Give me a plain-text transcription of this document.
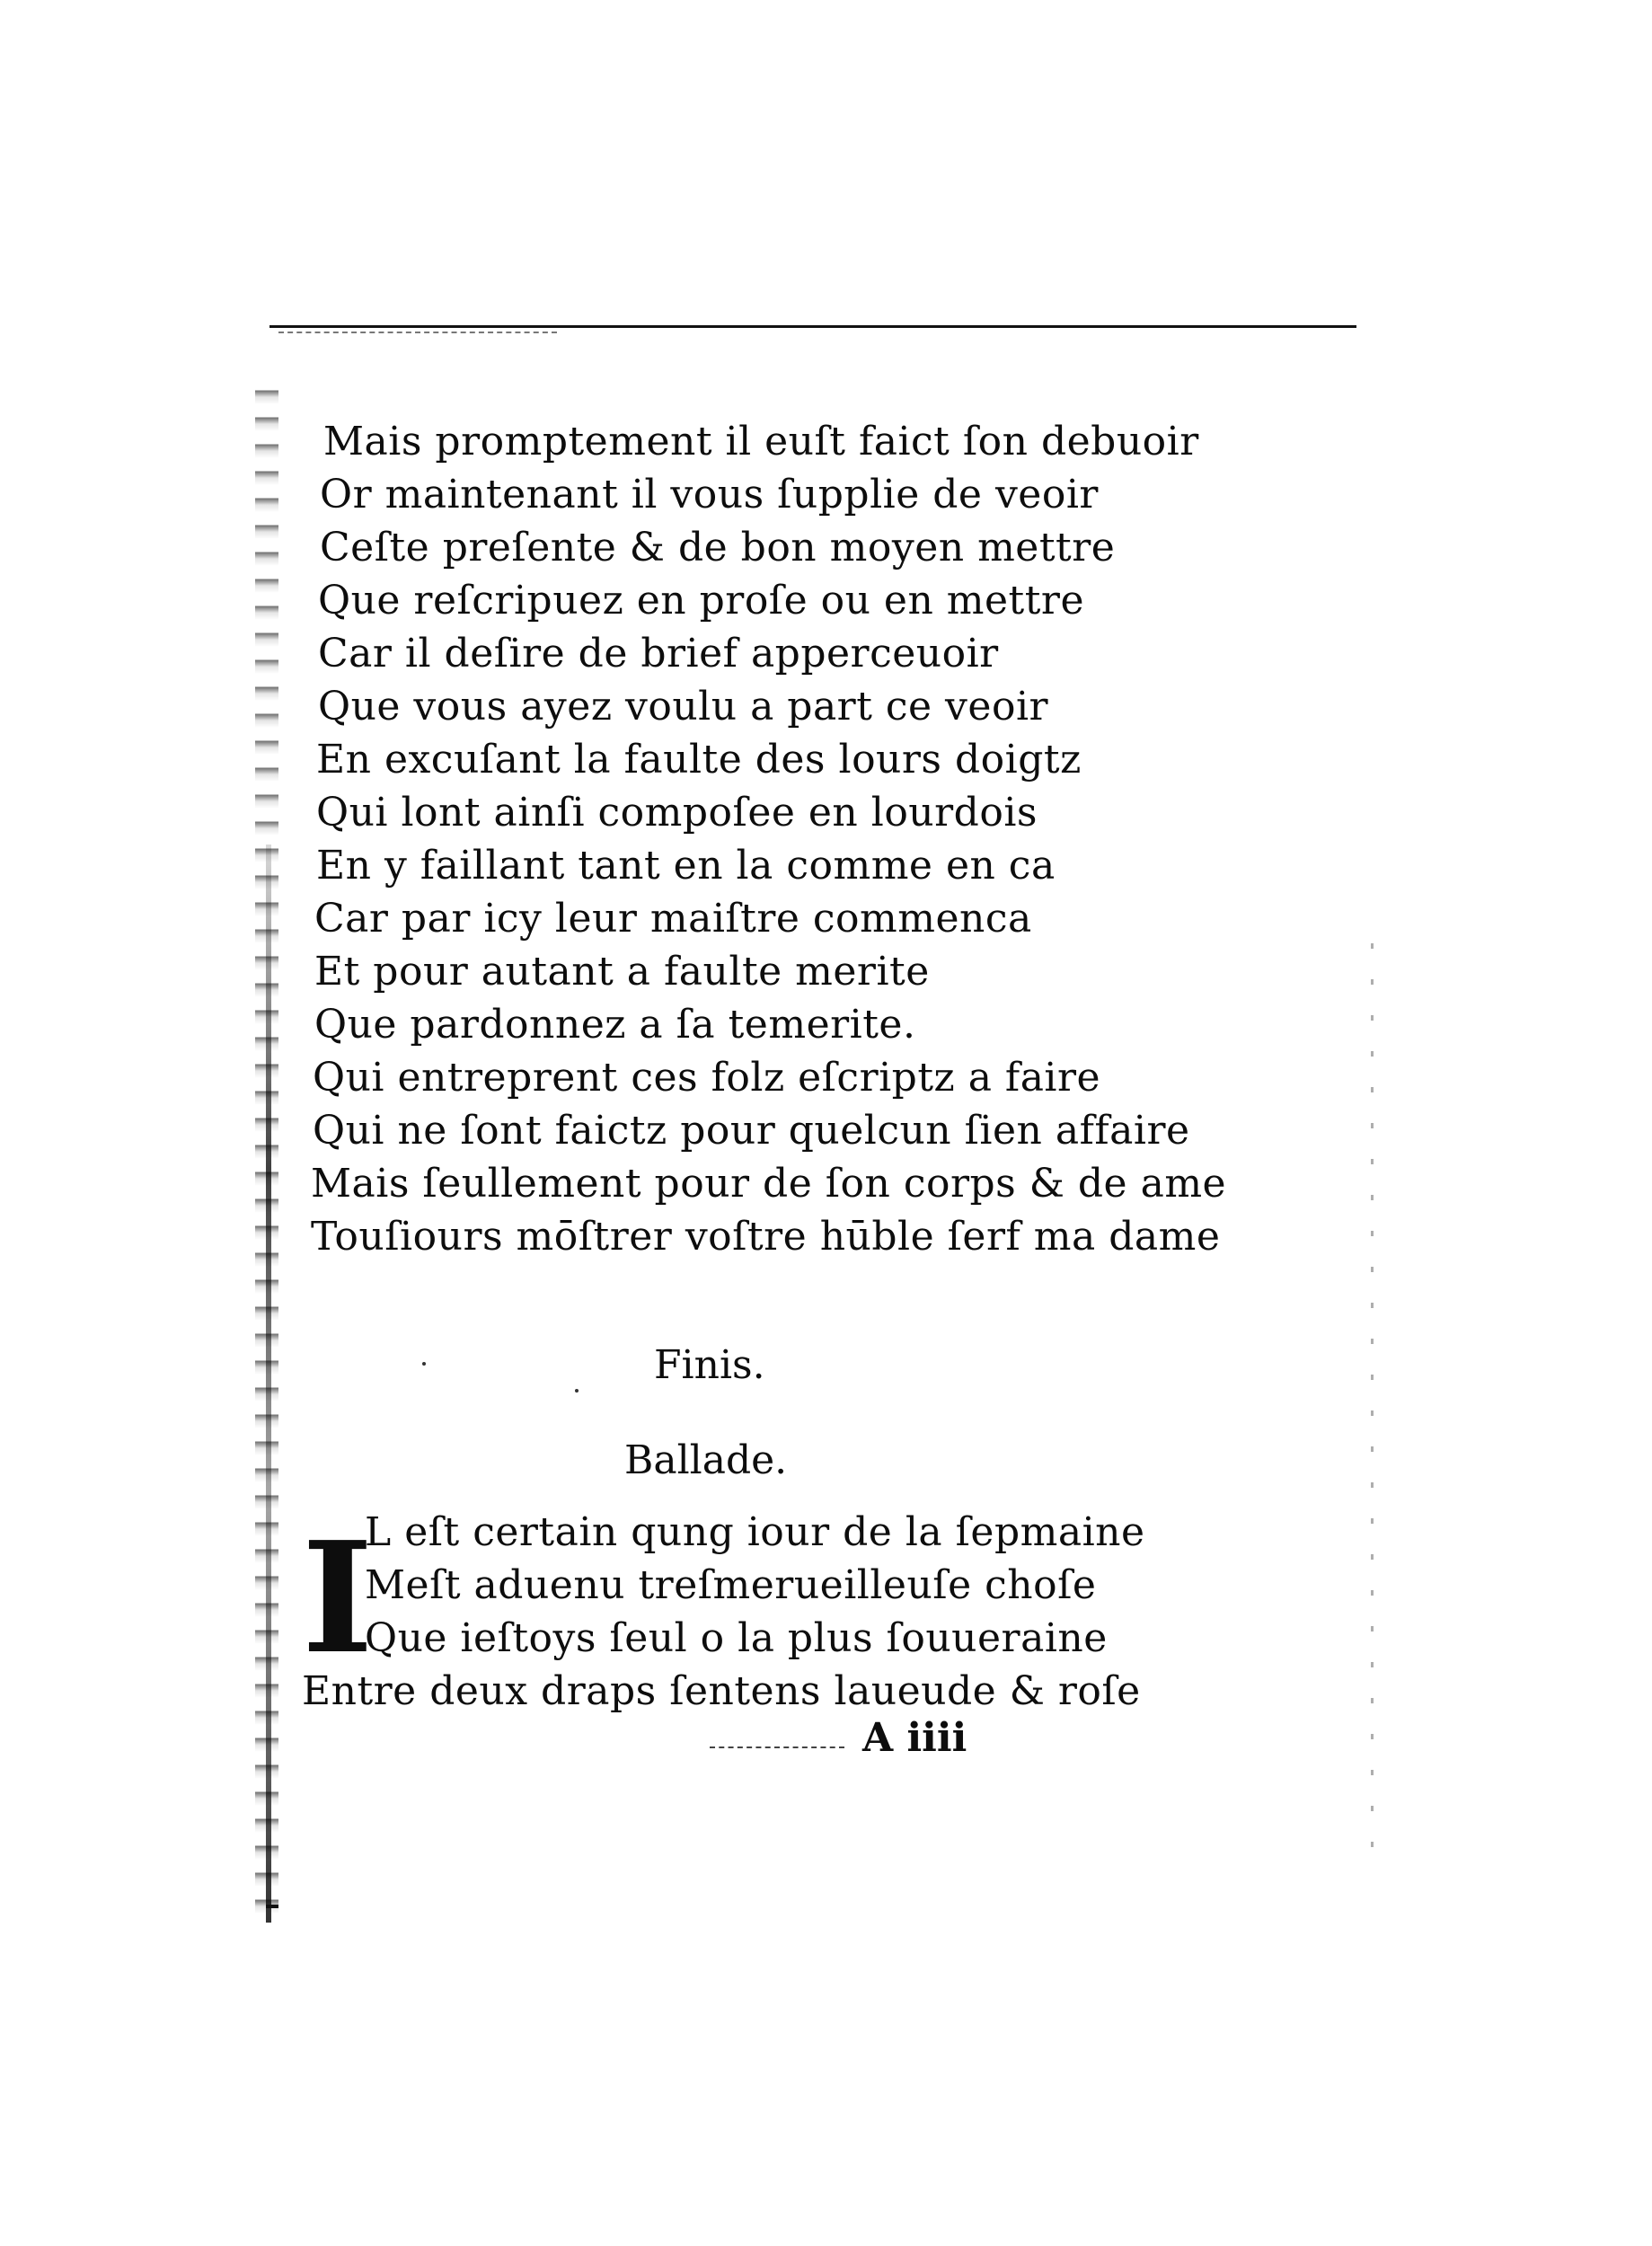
Mais promptement il euſt faict ſon debuoir
Or maintenant il vous ſupplie de veoir
Ceſte preſente & de bon moyen mettre
Que reſcripuez en proſe ou en mettre
Car il deſire de brief apperceuoir
Que vous ayez voulu a part ce veoir
En excuſant la faulte des lours doigtz
Qui lont ainſi compoſee en lourdois
En y faillant tant en la comme en ca
Car par icy leur maiſtre commenca
Et pour autant a faulte merite
Que pardonnez a ſa temerite.
Qui entreprent ces folz eſcriptz a faire
Qui ne ſont faictz pour quelcun ſien affaire
Mais ſeullement pour de ſon corps & de ame
Touſiours mōſtrer voſtre hūble ſerf ma dame
Finis.
Ballade.
I
L eſt certain qung iour de la ſepmaine
Meſt aduenu treſmerueilleuſe choſe
Que ieſtoys ſeul o la plus ſouueraine
Entre deux draps ſentens laueude & roſe
A iiii
